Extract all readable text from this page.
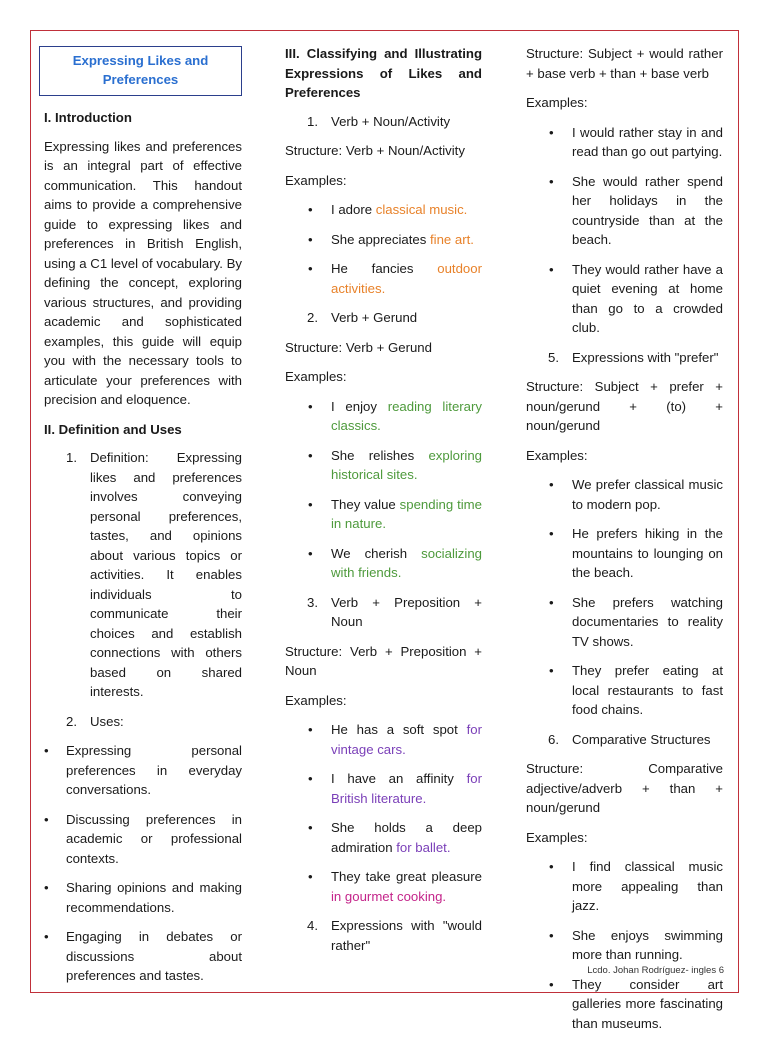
Expressing Likes and Preferences
I. Introduction

Expressing likes and preferences is an integral part of effective communication. This handout aims to provide a comprehensive guide to expressing likes and preferences in British English, using a C1 level of vocabulary. By defining the concept, exploring various structures, and providing academic and sophisticated examples, this guide will equip you with the necessary tools to articulate your preferences with precision and eloquence.

II. Definition and Uses
1. Definition: Expressing likes and preferences involves conveying personal preferences, tastes, and opinions about various topics or activities. It enables individuals to communicate their choices and establish connections with others based on shared interests.
2. Uses:
• Expressing personal preferences in everyday conversations.
• Discussing preferences in academic or professional contexts.
• Sharing opinions and making recommendations.
• Engaging in debates or discussions about preferences and tastes.
III. Classifying and Illustrating Expressions of Likes and Preferences
1. Verb + Noun/Activity

Structure: Verb + Noun/Activity

Examples:

• I adore classical music.
• She appreciates fine art.
• He fancies outdoor activities.
2. Verb + Gerund

Structure: Verb + Gerund

Examples:

• I enjoy reading literary classics.
• She relishes exploring historical sites.
• They value spending time in nature.
• We cherish socializing with friends.
3. Verb + Preposition + Noun

Structure: Verb + Preposition + Noun

Examples:

• He has a soft spot for vintage cars.
• I have an affinity for British literature.
• She holds a deep admiration for ballet.
• They take great pleasure in gourmet cooking.
4. Expressions with "would rather"

Structure: Subject + would rather + base verb + than + base verb

Examples:

• I would rather stay in and read than go out partying.
• She would rather spend her holidays in the countryside than at the beach.
• They would rather have a quiet evening at home than go to a crowded club.
5. Expressions with "prefer"

Structure: Subject + prefer + noun/gerund + (to) + noun/gerund

Examples:

• We prefer classical music to modern pop.
• He prefers hiking in the mountains to lounging on the beach.
• She prefers watching documentaries to reality TV shows.
• They prefer eating at local restaurants to fast food chains.
6. Comparative Structures

Structure: Comparative adjective/adverb + than + noun/gerund

Examples:

• I find classical music more appealing than jazz.
• She enjoys swimming more than running.
• They consider art galleries more fascinating than museums.
Lcdo. Johan Rodríguez- ingles 6
